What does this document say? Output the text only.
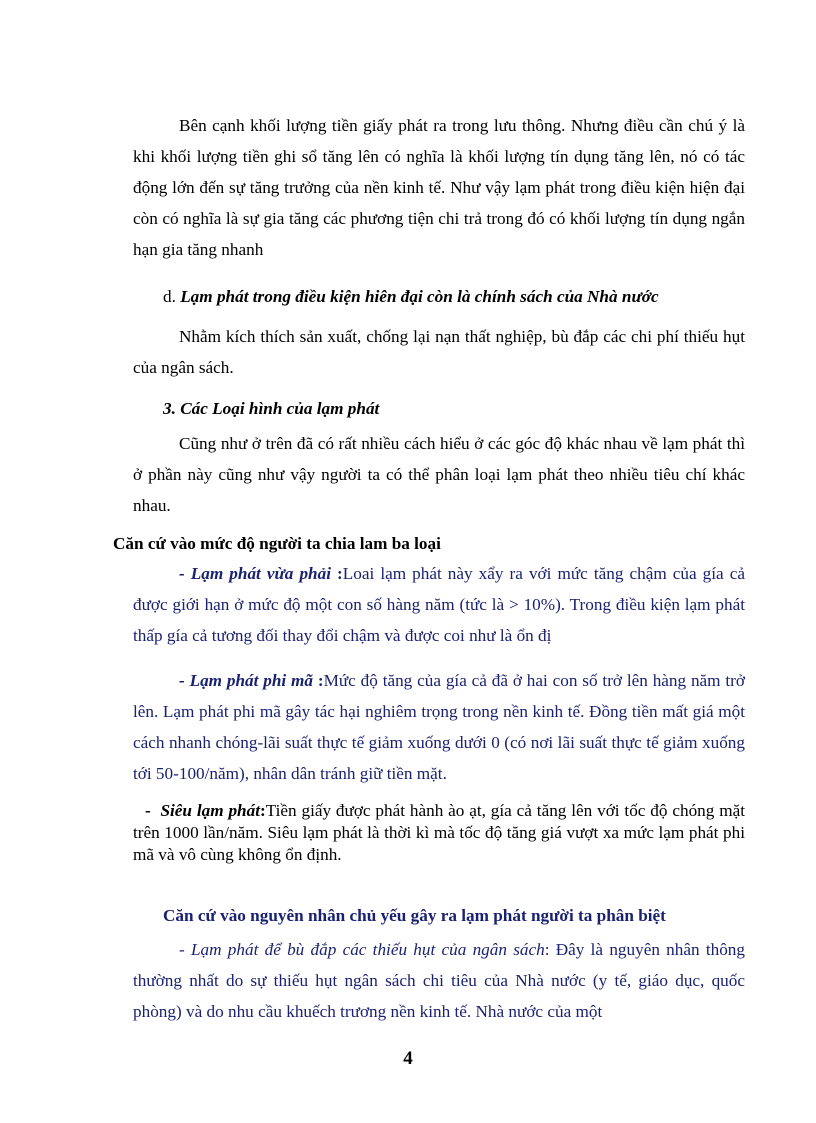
Bên cạnh khối lượng tiền giấy phát ra trong lưu thông. Nhưng điều cần chú ý là khi khối lượng tiền ghi sổ tăng lên có nghĩa là khối lượng tín dụng tăng lên, nó có tác động lớn đến sự tăng trưởng của nền kinh tế. Như vậy lạm phát trong điều kiện hiện đại còn có nghĩa là sự gia tăng các phương tiện chi trả trong đó có khối lượng tín dụng ngắn hạn gia tăng nhanh

d. Lạm phát trong điều kiện hiên đại còn là chính sách của Nhà nước

Nhằm kích thích sản xuất, chống lại nạn thất nghiệp, bù đắp các chi phí thiếu hụt của ngân sách.

3. Các Loại hình của lạm phát

Cũng như ở trên đã có rất nhiều cách hiểu ở các góc độ khác nhau về lạm phát thì ở phần này cũng như vậy người ta có thể phân loại lạm phát theo nhiều tiêu chí khác nhau.

Căn cứ vào mức độ người ta chia lam ba loại

- Lạm phát vừa phải :Loai lạm phát này xẩy ra với mức tăng chậm của gía cả được giới hạn ở mức độ một con số hàng năm (tức là > 10%). Trong điều kiện lạm phát thấp gía cả tương đối thay đổi chậm và được coi như là ổn đị

- Lạm phát phi mã :Mức độ tăng của gía cả đã ở hai con số trở lên hàng năm trở lên. Lạm phát phi mã gây tác hại nghiêm trọng trong nền kinh tế. Đồng tiền mất giá một cách nhanh chóng-lãi suất thực tế giảm xuống dưới 0 (có nơi lãi suất thực tế giảm xuống tới 50-100/năm), nhân dân tránh giữ tiền mặt.

- Siêu lạm phát:Tiền giấy được phát hành ào ạt, gía cả tăng lên với tốc độ chóng mặt trên 1000 lần/năm. Siêu lạm phát là thời kì mà tốc độ tăng giá vượt xa mức lạm phát phi mã và vô cùng không ổn định.

Căn cứ vào nguyên nhân chủ yếu gây ra lạm phát người ta phân biệt

- Lạm phát để bù đắp các thiếu hụt của ngân sách: Đây là nguyên nhân thông thường nhất do sự thiếu hụt ngân sách chi tiêu của Nhà nước (y tế, giáo dục, quốc phòng) và do nhu cầu khuếch trương nền kinh tế. Nhà nước của một

4
